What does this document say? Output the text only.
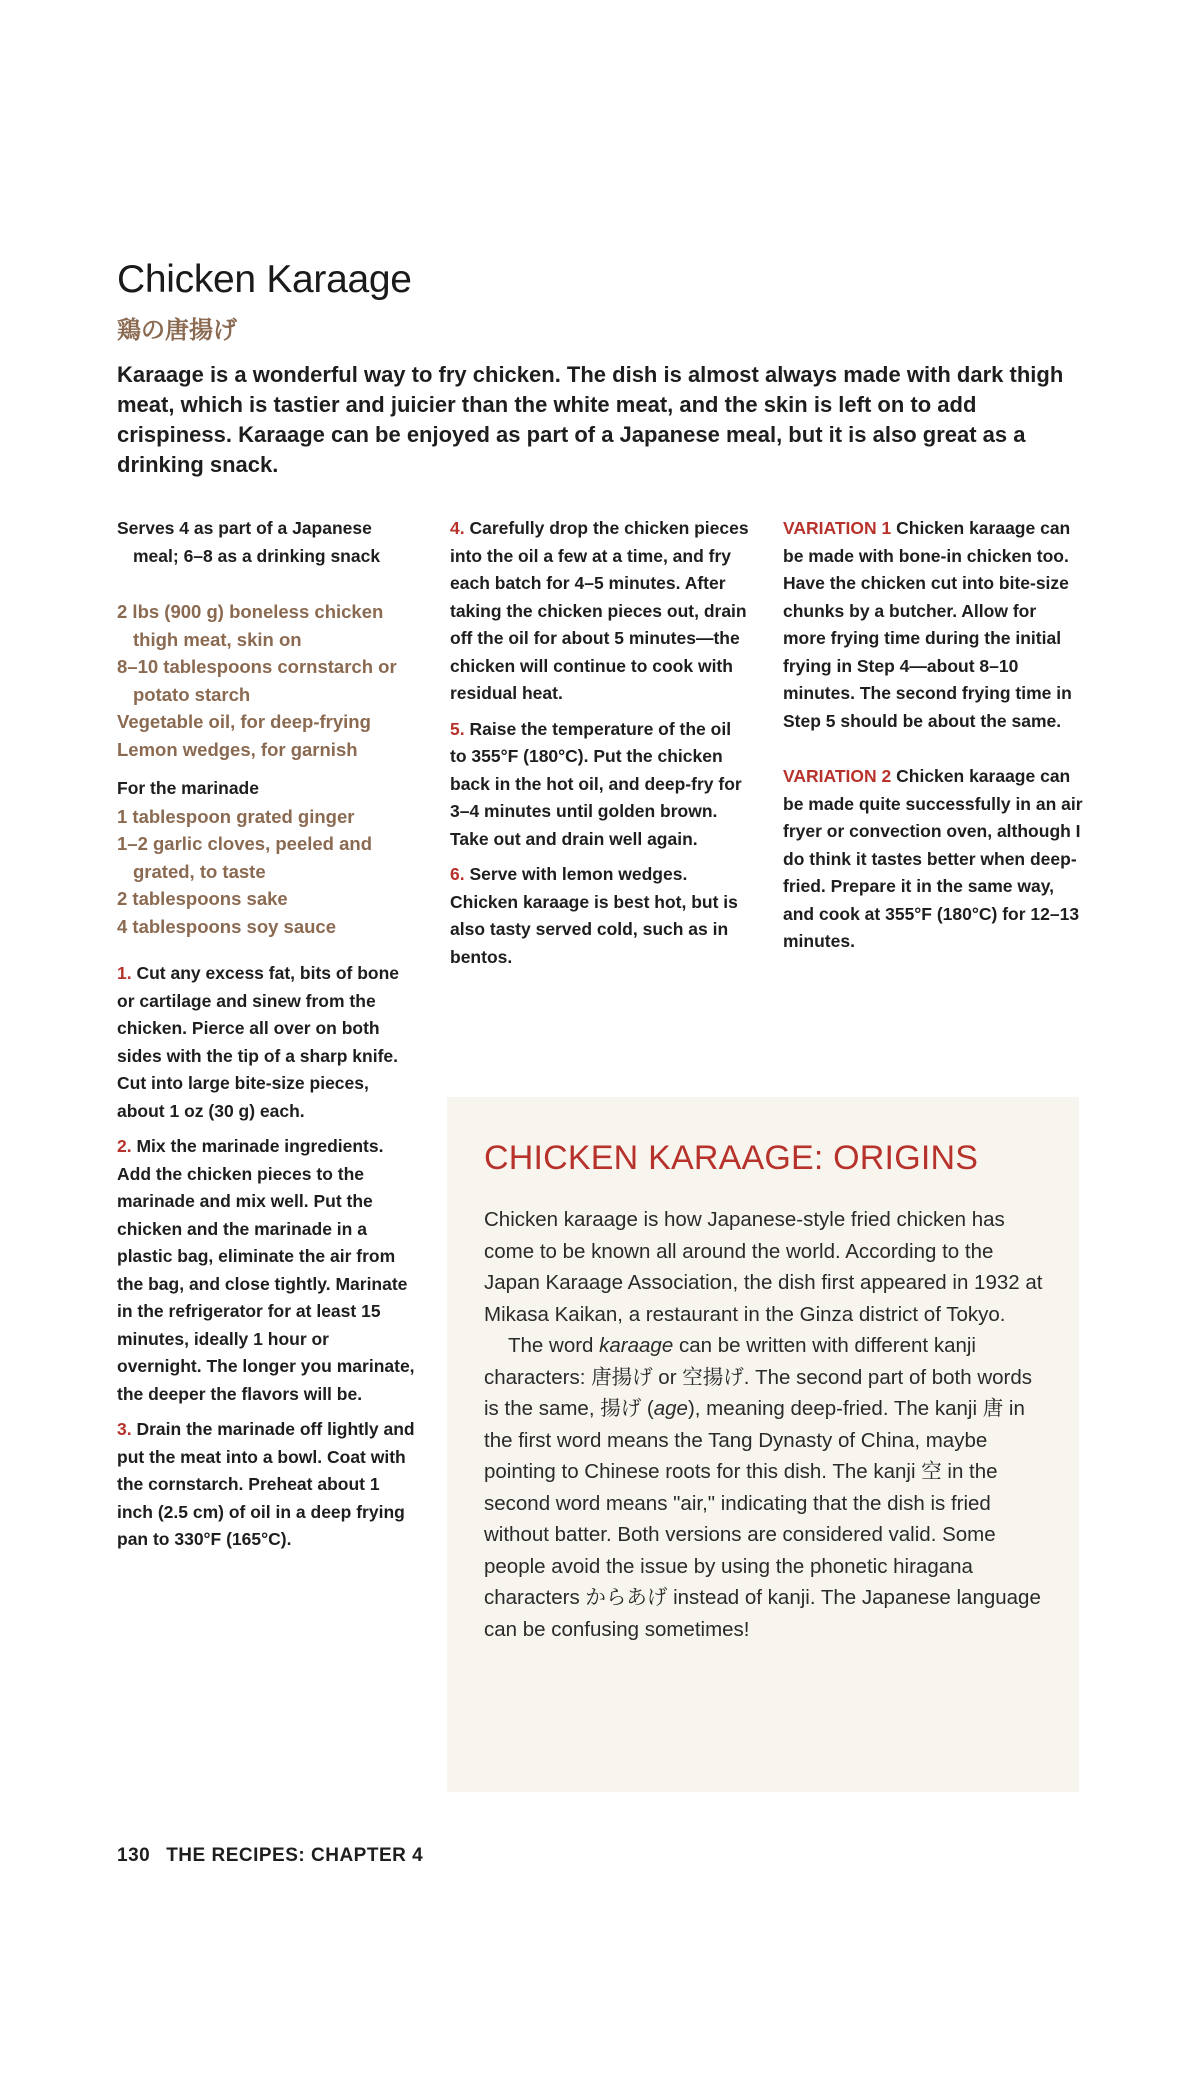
Chicken Karaage
鶏の唐揚げ

Karaage is a wonderful way to fry chicken. The dish is almost always made with dark thigh meat, which is tastier and juicier than the white meat, and the skin is left on to add crispiness. Karaage can be enjoyed as part of a Japanese meal, but it is also great as a drinking snack.

Serves 4 as part of a Japanese meal; 6–8 as a drinking snack

2 lbs (900 g) boneless chicken thigh meat, skin on

8–10 tablespoons cornstarch or potato starch

Vegetable oil, for deep-frying

Lemon wedges, for garnish

For the marinade

1 tablespoon grated ginger

1–2 garlic cloves, peeled and grated, to taste

2 tablespoons sake

4 tablespoons soy sauce

1. Cut any excess fat, bits of bone or cartilage and sinew from the chicken. Pierce all over on both sides with the tip of a sharp knife. Cut into large bite-size pieces, about 1 oz (30 g) each.

2. Mix the marinade ingredients. Add the chicken pieces to the marinade and mix well. Put the chicken and the marinade in a plastic bag, eliminate the air from the bag, and close tightly. Marinate in the refrigerator for at least 15 minutes, ideally 1 hour or overnight. The longer you marinate, the deeper the flavors will be.

3. Drain the marinade off lightly and put the meat into a bowl. Coat with the cornstarch. Preheat about 1 inch (2.5 cm) of oil in a deep frying pan to 330°F (165°C).

4. Carefully drop the chicken pieces into the oil a few at a time, and fry each batch for 4–5 minutes. After taking the chicken pieces out, drain off the oil for about 5 minutes—the chicken will continue to cook with residual heat.

5. Raise the temperature of the oil to 355°F (180°C). Put the chicken back in the hot oil, and deep-fry for 3–4 minutes until golden brown. Take out and drain well again.

6. Serve with lemon wedges. Chicken karaage is best hot, but is also tasty served cold, such as in bentos.

VARIATION 1 Chicken karaage can be made with bone-in chicken too. Have the chicken cut into bite-size chunks by a butcher. Allow for more frying time during the initial frying in Step 4—about 8–10 minutes. The second frying time in Step 5 should be about the same.

VARIATION 2 Chicken karaage can be made quite successfully in an air fryer or convection oven, although I do think it tastes better when deep-fried. Prepare it in the same way, and cook at 355°F (180°C) for 12–13 minutes.

CHICKEN KARAAGE: ORIGINS

Chicken karaage is how Japanese-style fried chicken has come to be known all around the world. According to the Japan Karaage Association, the dish first appeared in 1932 at Mikasa Kaikan, a restaurant in the Ginza district of Tokyo.

The word karaage can be written with different kanji characters: 唐揚げ or 空揚げ. The second part of both words is the same, 揚げ (age), meaning deep-fried. The kanji 唐 in the first word means the Tang Dynasty of China, maybe pointing to Chinese roots for this dish. The kanji 空 in the second word means "air," indicating that the dish is fried without batter. Both versions are considered valid. Some people avoid the issue by using the phonetic hiragana characters からあげ instead of kanji. The Japanese language can be confusing sometimes!

130 THE RECIPES: CHAPTER 4
